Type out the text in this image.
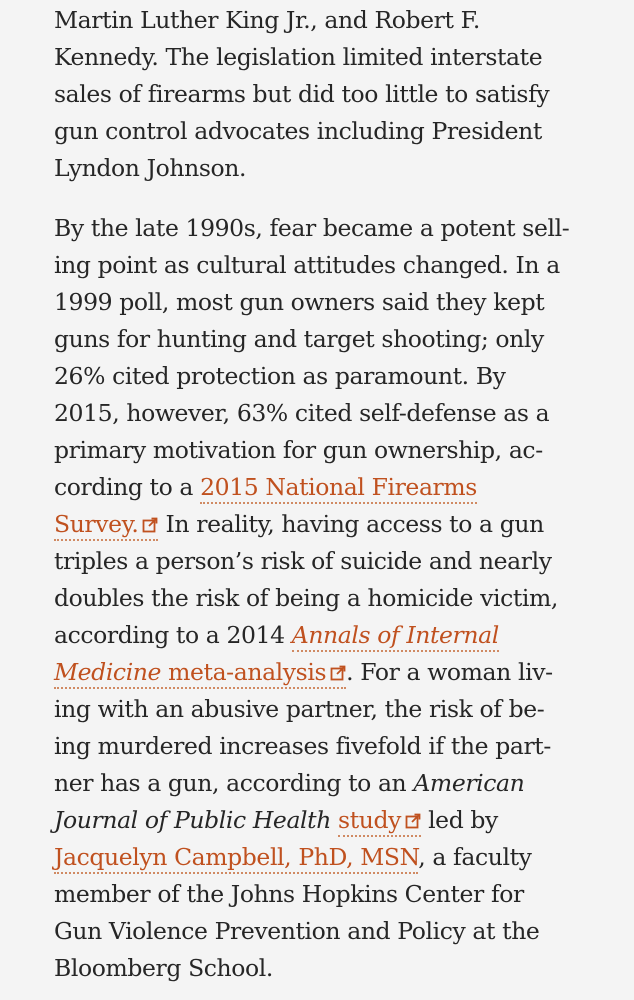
Martin Luther King Jr., and Robert F.
Kennedy. The legislation limited interstate
sales of firearms but did too little to satisfy
gun control advocates including President
Lyndon Johnson.
By the late 1990s, fear became a potent sell-
ing point as cultural attitudes changed. In a
1999 poll, most gun owners said they kept
guns for hunting and target shooting; only
26% cited protection as paramount. By
2015, however, 63% cited self-defense as a
primary motivation for gun ownership, ac-
cording to a 2015 National Firearms
Survey.
In reality, having access to a gun
triples a person’s risk of suicide and nearly
doubles the risk of being a homicide victim,
according to a 2014 Annals of Internal
Medicine meta-analysis . For a woman liv-
ing with an abusive partner, the risk of be-
ing murdered increases fivefold if the part-
ner has a gun, according to an American
Journal of Public Health study
led by
Jacquelyn Campbell, PhD, MSN, a faculty
member of the Johns Hopkins Center for
Gun Violence Prevention and Policy at the
Bloomberg School.
